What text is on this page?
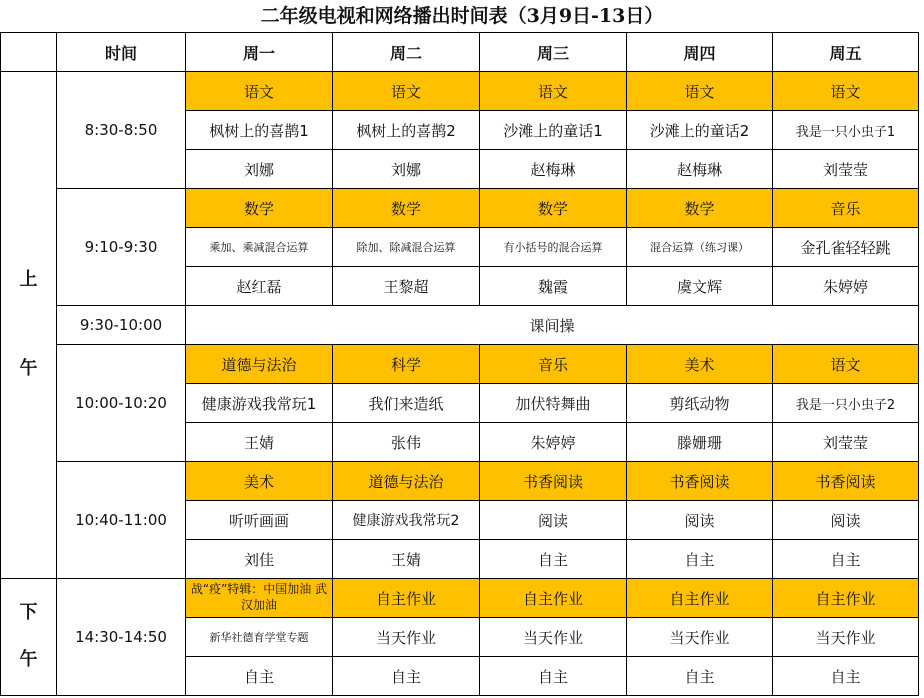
二年级电视和网络播出时间表（3月9日-13日）
	时间	周一	周二	周三	周四	周五

上
午	8:30-8:50	语文	语文	语文	语文	语文
		枫树上的喜鹊1	枫树上的喜鹊2	沙滩上的童话1	沙滩上的童话2	我是一只小虫子1
		刘娜	刘娜	赵梅琳	赵梅琳	刘莹莹
	9:10-9:30	数学	数学	数学	数学	音乐
		乘加、乘减混合运算	除加、除减混合运算	有小括号的混合运算	混合运算（练习课）	金孔雀轻轻跳
		赵红磊	王黎超	魏霞	虞文辉	朱婷婷
	9:30-10:00	课间操				
	10:00-10:20	道德与法治	科学	音乐	美术	语文
		健康游戏我常玩1	我们来造纸	加伏特舞曲	剪纸动物	我是一只小虫子2
		王婧	张伟	朱婷婷	滕姗珊	刘莹莹
	10:40-11:00	美术	道德与法治	书香阅读	书香阅读	书香阅读
		听听画画	健康游戏我常玩2	阅读	阅读	阅读
		刘佳	王婧	自主	自主	自主

下
午	14:30-14:50	战“疫”特辑：中国加油 武汉加油	自主作业	自主作业	自主作业	自主作业
		新华社德育学堂专题	当天作业	当天作业	当天作业	当天作业
		自主	自主	自主	自主	自主
